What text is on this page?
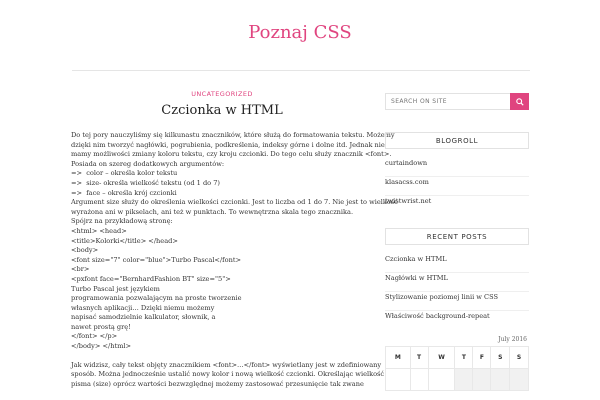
Poznaj CSS
UNCATEGORIZED
Czcionka w HTML
Do tej pory nauczyliśmy się kilkunastu znaczników, które służą do formatowania tekstu. Możemy
dzięki nim tworzyć nagłówki, pogrubienia, podkreślenia, indeksy górne i dolne itd. Jednak nie
mamy możliwości zmiany koloru tekstu, czy kroju czcionki. Do tego celu służy znacznik <font>.
Posiada on szereg dodatkowych argumentów:
=>  color – określa kolor tekstu
=>  size- określa wielkość tekstu (od 1 do 7)
=>  face – określa krój czcionki
Argument size służy do określenia wielkości czcionki. Jest to liczba od 1 do 7. Nie jest to wielkość
wyrażona ani w pikselach, ani też w punktach. To wewnętrzna skala tego znacznika.
Spójrz na przykładową stronę:
<html> <head>
<title>Kolorki</title> </head>
<body>
<font size="7" color="blue">Turbo Pascal</font>
<br>
<pxfont face="BernhardFashion BT" size="5">
Turbo Pascal jest językiem
programowania pozwalającym na proste tworzenie
własnych aplikacji… Dzięki niemu możemy
napisać samodzielnie kalkulator, słownik, a
nawet prostą grę!
</font> </p>
</body> </html>
Jak widzisz, cały tekst objęty znacznikiem <font>…</font> wyświetlany jest w zdefiniowany
sposób. Można jednocześnie ustalić nowy kolor i nową wielkość czcionki. Określając wielkość
pisma (size) oprócz wartości bezwzględnej możemy zastosować przesunięcie tak zwane
SEARCH ON SITE
BLOGROLL
curtaindown
klasacss.com
twistwrist.net
RECENT POSTS
Czcionka w HTML
Nagłówki w HTML
Stylizowanie poziomej linii w CSS
Właściwość background-repeat
July 2016
M	T	W	T	F	S	S
